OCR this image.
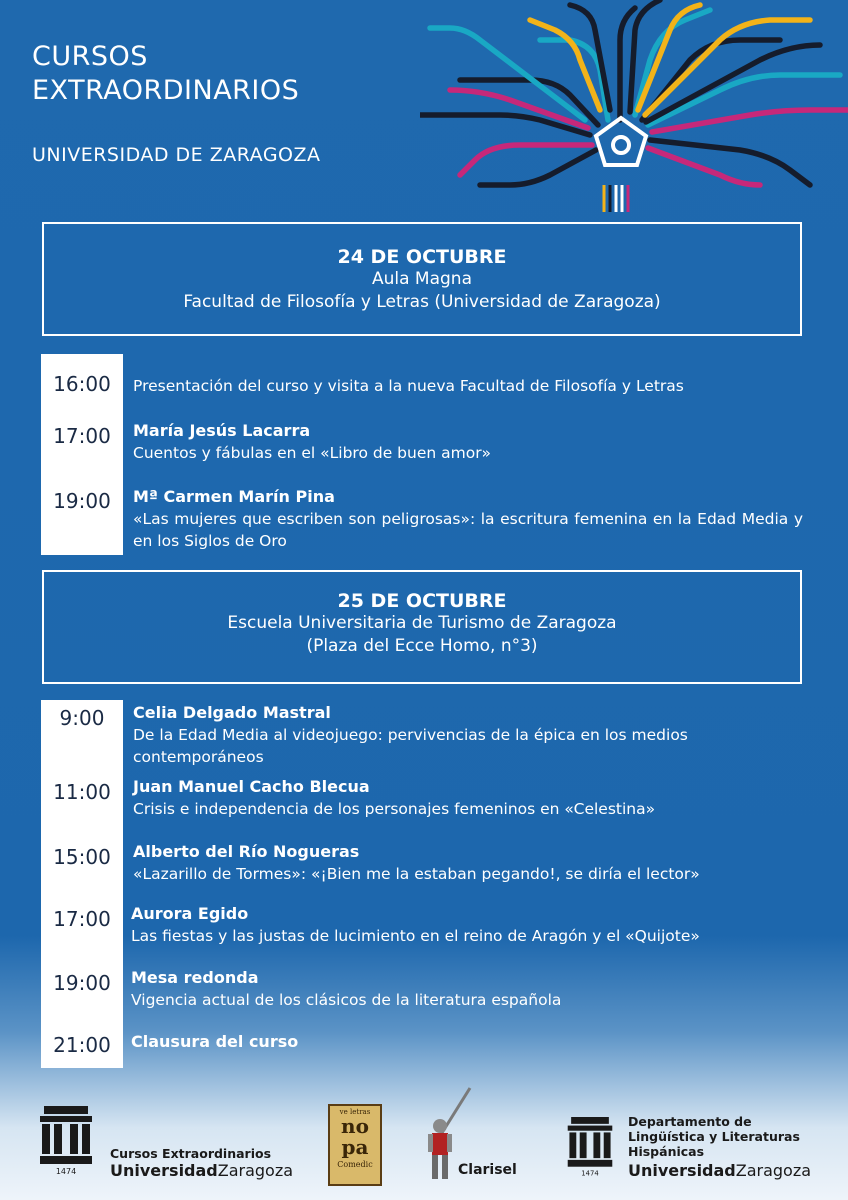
CURSOS
EXTRAORDINARIOS
UNIVERSIDAD DE ZARAGOZA
24 DE OCTUBRE
Aula Magna
Facultad de Filosofía y Letras (Universidad de Zaragoza)
16:00	Presentación del curso y visita a la nueva Facultad de Filosofía y Letras
17:00	María Jesús Lacarra
Cuentos y fábulas en el «Libro de buen amor»
19:00	Mª Carmen Marín Pina
«Las mujeres que escriben son peligrosas»: la escritura femenina en la Edad Media y en los Siglos de Oro
25 DE OCTUBRE
Escuela Universitaria de Turismo de Zaragoza
(Plaza del Ecce Homo, n°3)
9:00	Celia Delgado Mastral
De la Edad Media al videojuego: pervivencias de la épica en los medios contemporáneos
11:00	Juan Manuel Cacho Blecua
Crisis e independencia de los personajes femeninos en «Celestina»
15:00	Alberto del Río Nogueras
«Lazarillo de Tormes»: «¡Bien me la estaban pegando!, se diría el lector»
17:00	Aurora Egido
Las fiestas y las justas de lucimiento en el reino de Aragón y el «Quijote»
19:00	Mesa redonda
Vigencia actual de los clásicos de la literatura española
21:00	Clausura del curso
1474
Cursos Extraordinarios
UniversidadZaragoza
ve letras
no
pa
Comedic	Clarisel	1474
Departamento de
Lingüística y Literaturas
Hispánicas
UniversidadZaragoza
